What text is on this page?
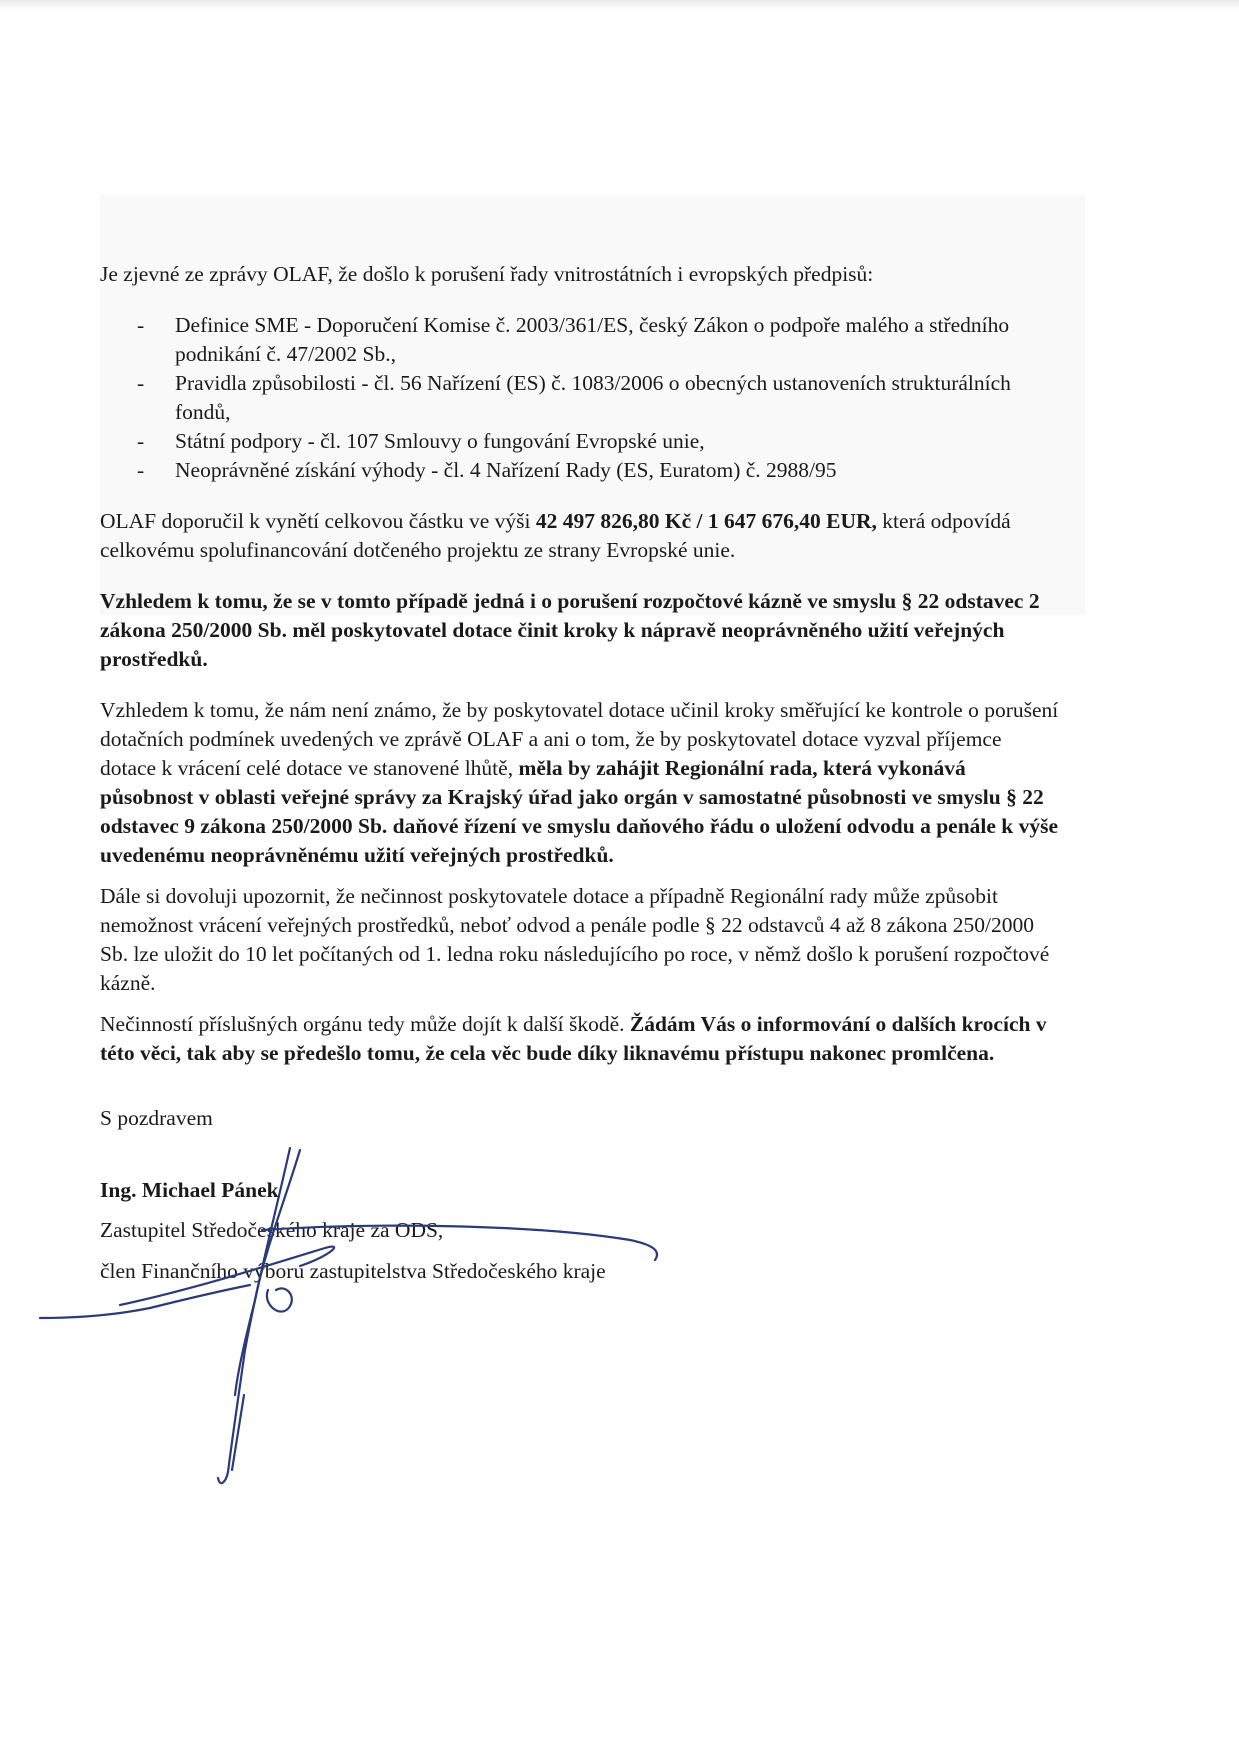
Je zjevné ze zprávy OLAF, že došlo k porušení řady vnitrostátních i evropských předpisů:

- Definice SME - Doporučení Komise č. 2003/361/ES, český Zákon o podpoře malého a středního podnikání č. 47/2002 Sb.,
- Pravidla způsobilosti - čl. 56 Nařízení (ES) č. 1083/2006 o obecných ustanoveních strukturálních fondů,
- Státní podpory - čl. 107 Smlouvy o fungování Evropské unie,
- Neoprávněné získání výhody - čl. 4 Nařízení Rady (ES, Euratom) č. 2988/95

OLAF doporučil k vynětí celkovou částku ve výši 42 497 826,80 Kč / 1 647 676,40 EUR, která odpovídá celkovému spolufinancování dotčeného projektu ze strany Evropské unie.

Vzhledem k tomu, že se v tomto případě jedná i o porušení rozpočtové kázně ve smyslu § 22 odstavec 2 zákona 250/2000 Sb. měl poskytovatel dotace činit kroky k nápravě neoprávněného užití veřejných prostředků.

Vzhledem k tomu, že nám není známo, že by poskytovatel dotace učinil kroky směřující ke kontrole o porušení dotačních podmínek uvedených ve zprávě OLAF a ani o tom, že by poskytovatel dotace vyzval příjemce dotace k vrácení celé dotace ve stanovené lhůtě, měla by zahájit Regionální rada, která vykonává působnost v oblasti veřejné správy za Krajský úřad jako orgán v samostatné působnosti ve smyslu § 22 odstavec 9 zákona 250/2000 Sb. daňové řízení ve smyslu daňového řádu o uložení odvodu a penále k výše uvedenému neoprávněnému užití veřejných prostředků.

Dále si dovoluji upozornit, že nečinnost poskytovatele dotace a případně Regionální rady může způsobit nemožnost vrácení veřejných prostředků, neboť odvod a penále podle § 22 odstavců 4 až 8 zákona 250/2000 Sb. lze uložit do 10 let počítaných od 1. ledna roku následujícího po roce, v němž došlo k porušení rozpočtové kázně.

Nečinností příslušných orgánu tedy může dojít k další škodě. Žádám Vás o informování o dalších krocích v této věci, tak aby se předešlo tomu, že cela věc bude díky liknavému přístupu nakonec promlčena.

S pozdravem

Ing. Michael Pánek

Zastupitel Středočeského kraje za ODS,

člen Finančního výboru zastupitelstva Středočeského kraje
